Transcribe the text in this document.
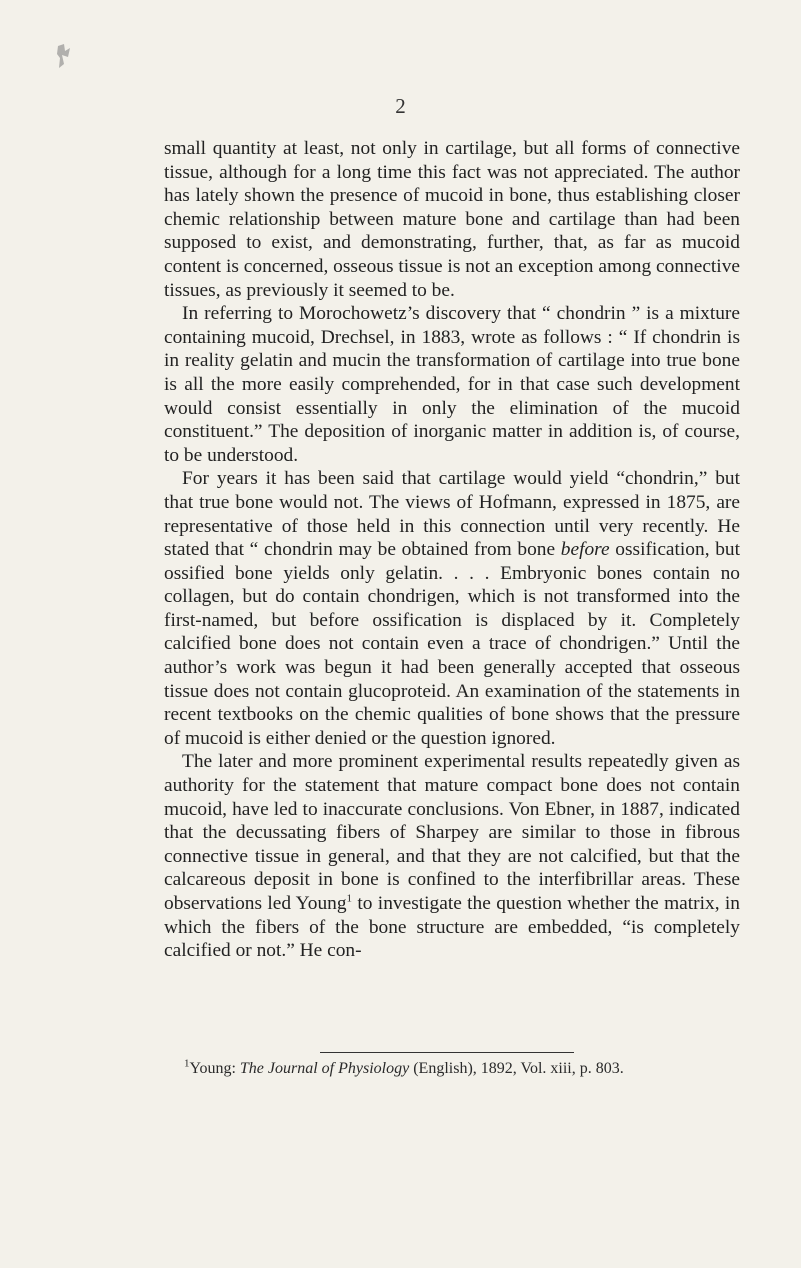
2

small quantity at least, not only in cartilage, but all forms of connective tissue, although for a long time this fact was not appreciated. The author has lately shown the presence of mucoid in bone, thus establishing closer chemic relationship between mature bone and cartilage than had been supposed to exist, and demonstrating, further, that, as far as mucoid content is concerned, osseous tissue is not an exception among connective tissues, as previously it seemed to be.

In referring to Morochowetz’s discovery that “ chondrin ” is a mixture containing mucoid, Drechsel, in 1883, wrote as follows : “ If chondrin is in reality gelatin and mucin the transformation of cartilage into true bone is all the more easily comprehended, for in that case such development would consist essentially in only the elimination of the mucoid constituent.” The deposition of inorganic matter in addition is, of course, to be understood.

For years it has been said that cartilage would yield “chondrin,” but that true bone would not. The views of Hofmann, expressed in 1875, are representative of those held in this connection until very recently. He stated that “ chondrin may be obtained from bone before ossification, but ossified bone yields only gelatin. . . . Embryonic bones contain no collagen, but do contain chondrigen, which is not transformed into the first-named, but before ossification is displaced by it. Completely calcified bone does not contain even a trace of chondrigen.” Until the author’s work was begun it had been generally accepted that osseous tissue does not contain glucoproteid. An examination of the statements in recent textbooks on the chemic qualities of bone shows that the pressure of mucoid is either denied or the question ignored.

The later and more prominent experimental results repeatedly given as authority for the statement that mature compact bone does not contain mucoid, have led to inaccurate conclusions. Von Ebner, in 1887, indicated that the decussating fibers of Sharpey are similar to those in fibrous connective tissue in general, and that they are not calcified, but that the calcareous deposit in bone is confined to the interfibrillar areas. These observations led Young$^1$ to investigate the question whether the matrix, in which the fibers of the bone structure are embedded, “is completely calcified or not.” He con-

$^1$Young: The Journal of Physiology (English), 1892, Vol. xiii, p. 803.
